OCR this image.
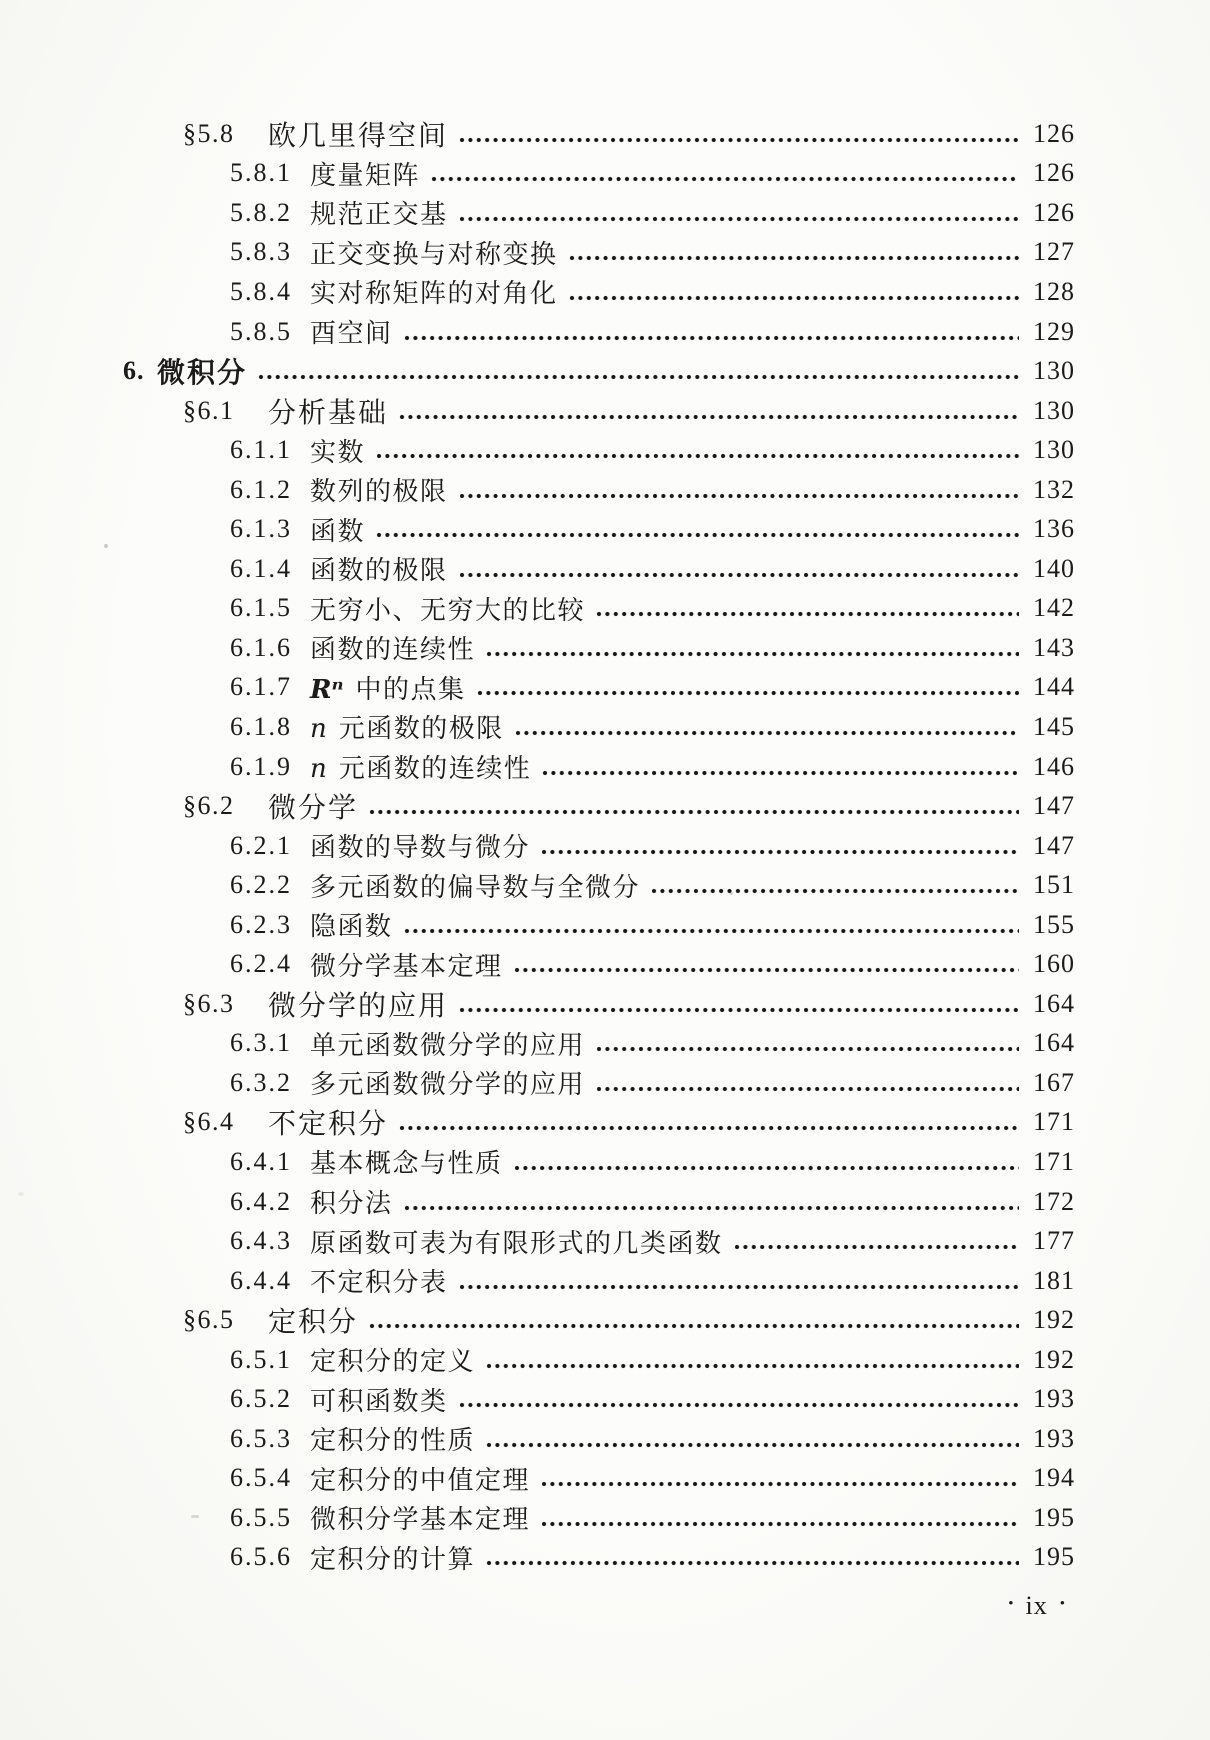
§5.8	欧几里得空间	126
5.8.1 度量矩阵	126
5.8.2 规范正交基	126
5.8.3 正交变换与对称变换	127
5.8.4 实对称矩阵的对角化	128
5.8.5 酉空间	129
6. 微积分	130
§6.1	分析基础	130
6.1.1 实数	130
6.1.2 数列的极限	132
6.1.3 函数	136
6.1.4 函数的极限	140
6.1.5 无穷小、无穷大的比较	142
6.1.6 函数的连续性	143
6.1.7 Rⁿ 中的点集	144
6.1.8 n 元函数的极限	145
6.1.9 n 元函数的连续性	146
§6.2	微分学	147
6.2.1 函数的导数与微分	147
6.2.2 多元函数的偏导数与全微分	151
6.2.3 隐函数	155
6.2.4 微分学基本定理	160
§6.3	微分学的应用	164
6.3.1 单元函数微分学的应用	164
6.3.2 多元函数微分学的应用	167
§6.4	不定积分	171
6.4.1 基本概念与性质	171
6.4.2 积分法	172
6.4.3 原函数可表为有限形式的几类函数	177
6.4.4 不定积分表	181
§6.5	定积分	192
6.5.1 定积分的定义	192
6.5.2 可积函数类	193
6.5.3 定积分的性质	193
6.5.4 定积分的中值定理	194
6.5.5 微积分学基本定理	195
6.5.6 定积分的计算	195
• ix •
